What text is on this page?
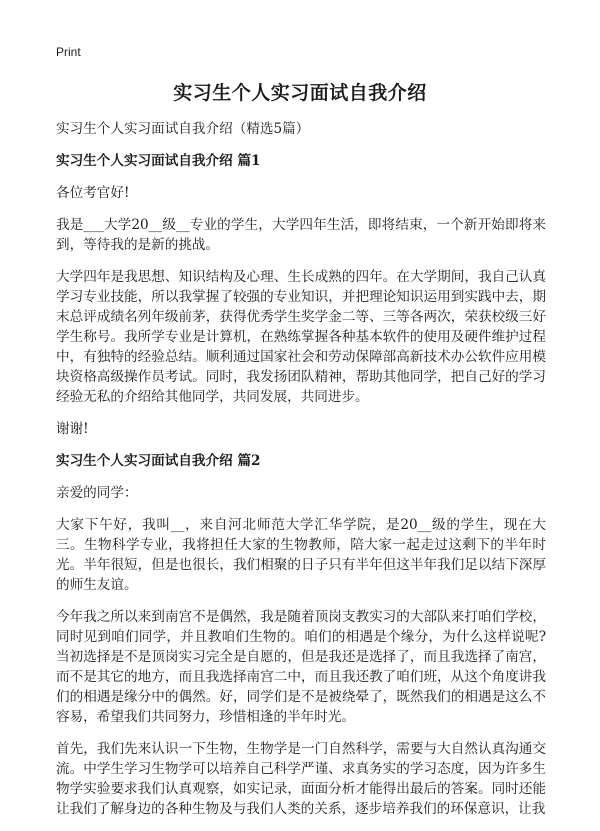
Print
实习生个人实习面试自我介绍

实习生个人实习面试自我介绍（精选5篇）

实习生个人实习面试自我介绍 篇1

各位考官好!

我是___大学20__级__专业的学生，大学四年生活，即将结束，一个新开始即将来到，等待我的是新的挑战。

大学四年是我思想、知识结构及心理、生长成熟的四年。在大学期间，我自己认真学习专业技能，所以我掌握了较强的专业知识，并把理论知识运用到实践中去，期末总评成绩名列年级前茅，获得优秀学生奖学金二等、三等各两次，荣获校级三好学生称号。我所学专业是计算机，在熟练掌握各种基本软件的使用及硬件维护过程中，有独特的经验总结。顺利通过国家社会和劳动保障部高新技术办公软件应用模块资格高级操作员考试。同时，我发扬团队精神，帮助其他同学，把自己好的学习经验无私的介绍给其他同学，共同发展，共同进步。

谢谢!

实习生个人实习面试自我介绍 篇2

亲爱的同学：

大家下午好，我叫__，来自河北师范大学汇华学院，是20__级的学生，现在大三。生物科学专业，我将担任大家的生物教师，陪大家一起走过这剩下的半年时光。半年很短，但是也很长，我们相聚的日子只有半年但这半年我们足以结下深厚的师生友谊。

今年我之所以来到南宫不是偶然，我是随着顶岗支教实习的大部队来打咱们学校，同时见到咱们同学，并且教咱们生物的。咱们的相遇是个缘分，为什么这样说呢?当初选择是不是顶岗实习完全是自愿的，但是我还是选择了，而且我选择了南宫，而不是其它的地方，而且我选择南宫二中，而且我还教了咱们班，从这个角度讲我们的相遇是缘分中的偶然。好，同学们是不是被绕晕了，既然我们的相遇是这么不容易，希望我们共同努力，珍惜相逢的半年时光。

首先，我们先来认识一下生物，生物学是一门自然科学，需要与大自然认真沟通交流。中学生学习生物学可以培养自己科学严谨、求真务实的学习态度，因为许多生物学实验要求我们认真观察，如实记录，面面分析才能得出最后的答案。同时还能让我们了解身边的各种生物及与我们人类的关系，逐步培养我们的环保意识，让我
